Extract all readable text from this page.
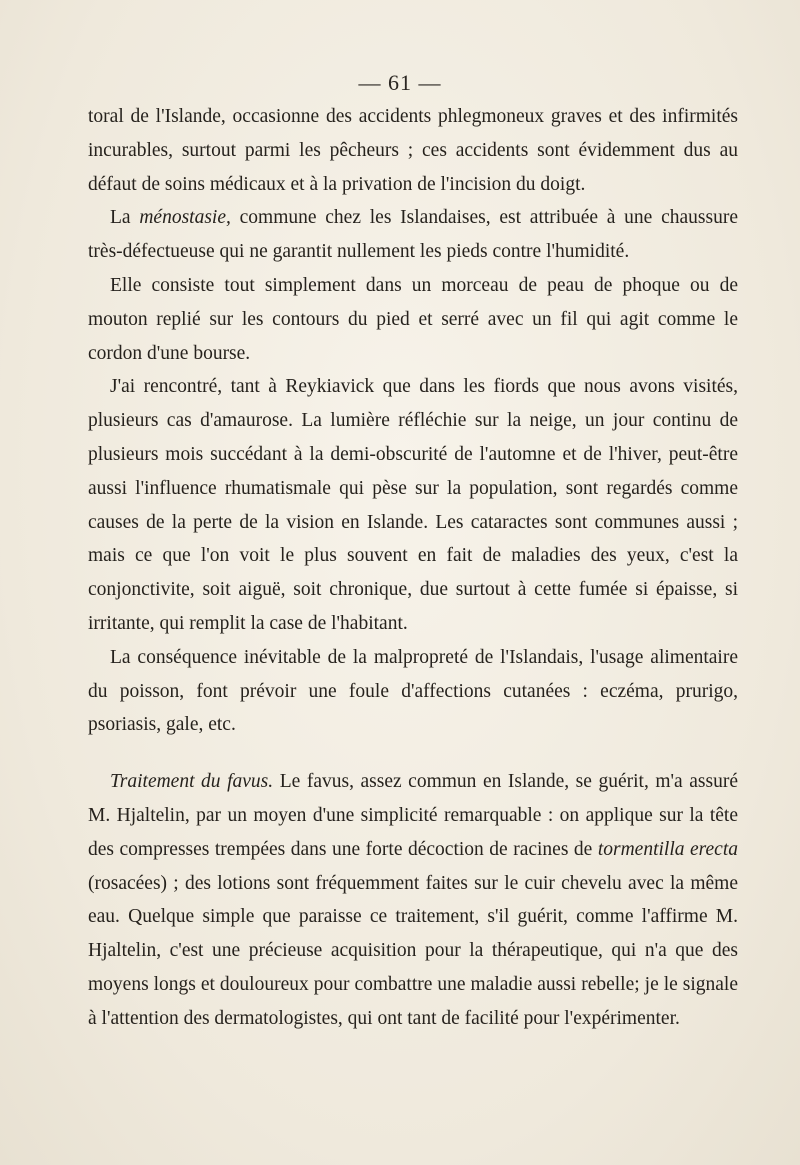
— 61 —

toral de l'Islande, occasionne des accidents phlegmoneux graves et des infirmités incurables, surtout parmi les pêcheurs ; ces accidents sont évidemment dus au défaut de soins médicaux et à la privation de l'incision du doigt.

La ménostasie, commune chez les Islandaises, est attribuée à une chaussure très-défectueuse qui ne garantit nullement les pieds contre l'humidité.

Elle consiste tout simplement dans un morceau de peau de phoque ou de mouton replié sur les contours du pied et serré avec un fil qui agit comme le cordon d'une bourse.

J'ai rencontré, tant à Reykiavick que dans les fiords que nous avons visités, plusieurs cas d'amaurose. La lumière réfléchie sur la neige, un jour continu de plusieurs mois succédant à la demi-obscurité de l'automne et de l'hiver, peut-être aussi l'influence rhumatismale qui pèse sur la population, sont regardés comme causes de la perte de la vision en Islande. Les cataractes sont communes aussi ; mais ce que l'on voit le plus souvent en fait de maladies des yeux, c'est la conjonctivite, soit aiguë, soit chronique, due surtout à cette fumée si épaisse, si irritante, qui remplit la case de l'habitant.

La conséquence inévitable de la malpropreté de l'Islandais, l'usage alimentaire du poisson, font prévoir une foule d'affections cutanées : eczéma, prurigo, psoriasis, gale, etc.

Traitement du favus. Le favus, assez commun en Islande, se guérit, m'a assuré M. Hjaltelin, par un moyen d'une simplicité remarquable : on applique sur la tête des compresses trempées dans une forte décoction de racines de tormentilla erecta (rosacées) ; des lotions sont fréquemment faites sur le cuir chevelu avec la même eau. Quelque simple que paraisse ce traitement, s'il guérit, comme l'affirme M. Hjaltelin, c'est une précieuse acquisition pour la thérapeutique, qui n'a que des moyens longs et douloureux pour combattre une maladie aussi rebelle; je le signale à l'attention des dermatologistes, qui ont tant de facilité pour l'expérimenter.
